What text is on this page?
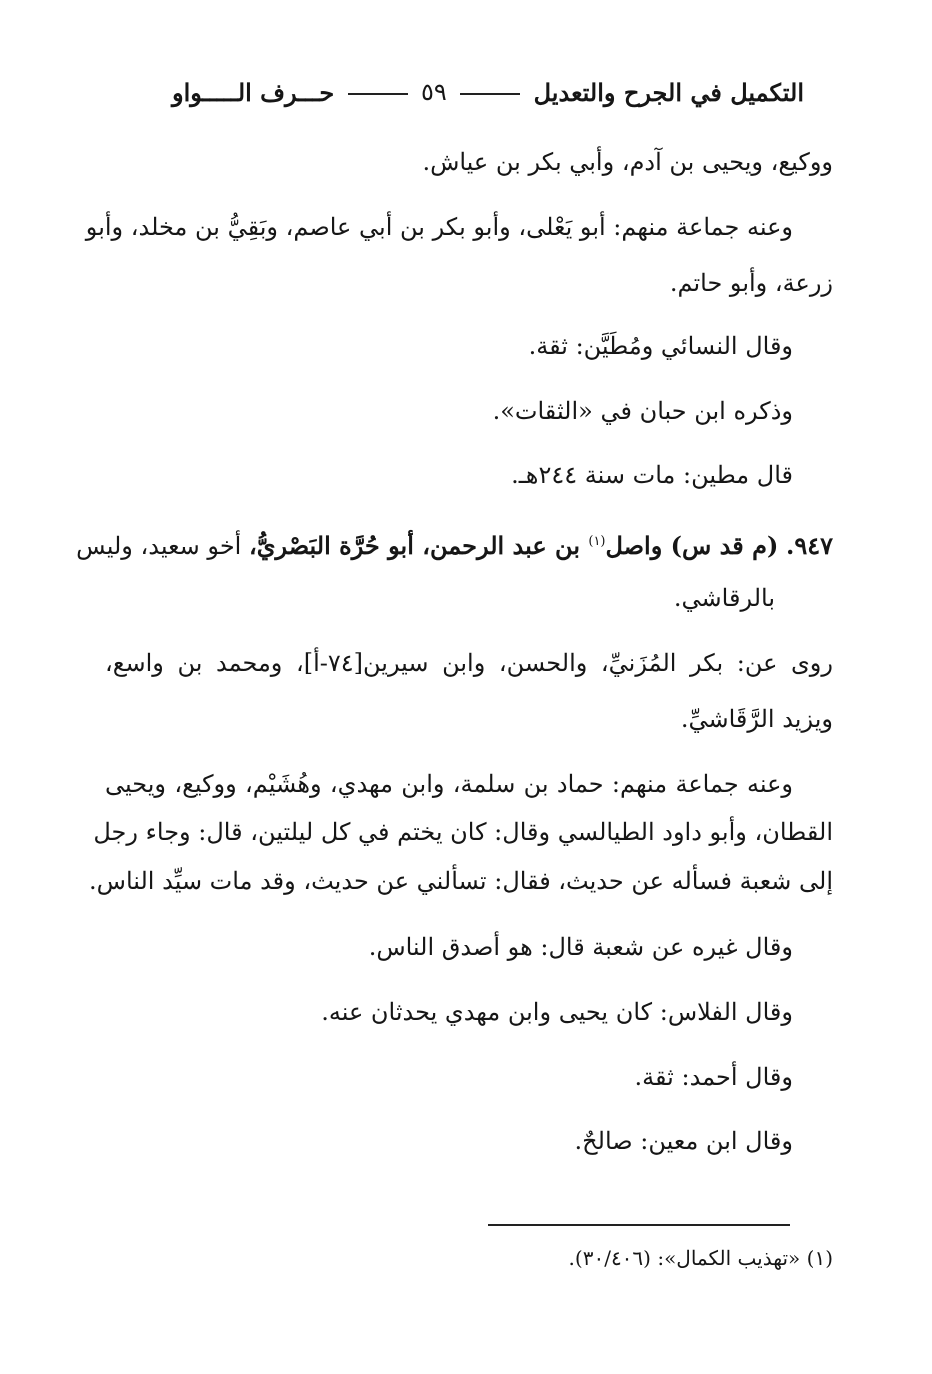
التكميل في الجرح والتعديل
٥٩
حـــرف الـــــواو
ووكيع، ويحيى بن آدم، وأبي بكر بن عياش.
وعنه جماعة منهم: أبو يَعْلى، وأبو بكر بن أبي عاصم، وبَقِيُّ بن مخلد، وأبو
زرعة، وأبو حاتم.
وقال النسائي ومُطَيَّن: ثقة.
وذكره ابن حبان في «الثقات».
قال مطين: مات سنة ٢٤٤هـ.
٩٤٧. (م قد س) واصل$^{(١)}$ بن عبد الرحمن، أبو حُرَّة البَصْريُّ، أخو سعيد، وليس
بالرقاشي.
روى عن: بكر المُزَنيِّ، والحسن، وابن سيرين[٧٤-أ]، ومحمد بن واسع،
ويزيد الرَّقَاشيِّ.
وعنه جماعة منهم: حماد بن سلمة، وابن مهدي، وهُشَيْم، ووكيع، ويحيى
القطان، وأبو داود الطيالسي وقال: كان يختم في كل ليلتين، قال: وجاء رجل
إلى شعبة فسأله عن حديث، فقال: تسألني عن حديث، وقد مات سيِّد الناس.
وقال غيره عن شعبة قال: هو أصدق الناس.
وقال الفلاس: كان يحيى وابن مهدي يحدثان عنه.
وقال أحمد: ثقة.
وقال ابن معين: صالحٌ.
(١) «تهذيب الكمال»: (٣٠/٤٠٦).
